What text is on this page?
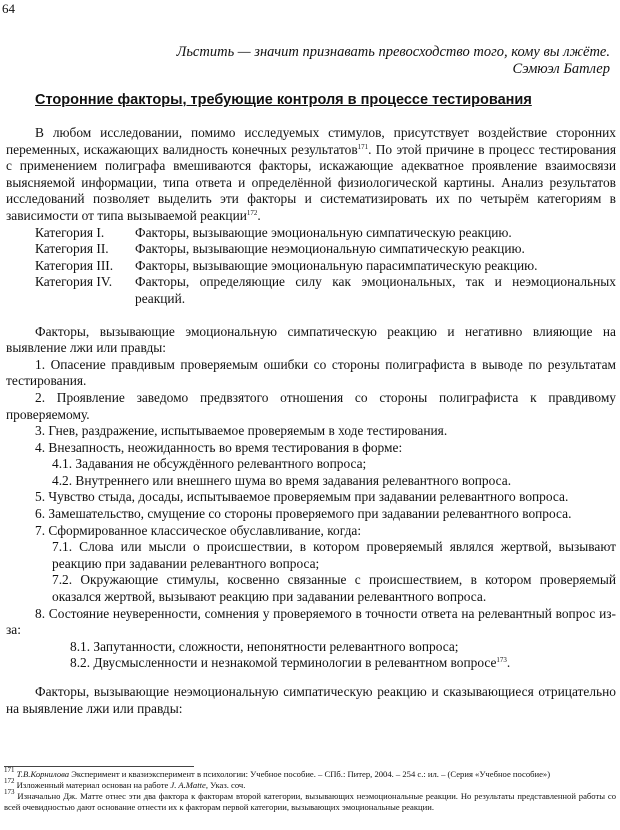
64
Льстить — значит признавать превосходство того, кому вы лжёте.
Сэмюэл Батлер
Сторонние факторы, требующие контроля в процессе тестирования

В любом исследовании, помимо исследуемых стимулов, присутствует воздействие сторонних переменных, искажающих валидность конечных результатов$^{171}$. По этой причине в процесс тестирования с применением полиграфа вмешиваются факторы, искажающие адекватное проявление взаимосвязи выясняемой информации, типа ответа и определённой физиологической картины. Анализ результатов исследований позволяет выделить эти факторы и систематизировать их по четырём категориям в зависимости от типа вызываемой реакции$^{172}$.

Категория I.	Факторы, вызывающие эмоциональную симпатическую реакцию.
Категория II.	Факторы, вызывающие неэмоциональную симпатическую реакцию.
Категория III.	Факторы, вызывающие эмоциональную парасимпатическую реакцию.
Категория IV.	Факторы, определяющие силу как эмоциональных, так и неэмоциональных реакций.

Факторы, вызывающие эмоциональную симпатическую реакцию и негативно влияющие на выявление лжи или правды:

1. Опасение правдивым проверяемым ошибки со стороны полиграфиста в выводе по результатам тестирования.

2. Проявление заведомо предвзятого отношения со стороны полиграфиста к правдивому проверяемому.

3. Гнев, раздражение, испытываемое проверяемым в ходе тестирования.

4. Внезапность, неожиданность во время тестирования в форме:

4.1. Задавания не обсуждённого релевантного вопроса;

4.2. Внутреннего или внешнего шума во время задавания релевантного вопроса.

5. Чувство стыда, досады, испытываемое проверяемым при задавании релевантного вопроса.

6. Замешательство, смущение со стороны проверяемого при задавании релевантного вопроса.

7. Сформированное классическое обуславливание, когда:

7.1. Слова или мысли о происшествии, в котором проверяемый являлся жертвой, вызывают реакцию при задавании релевантного вопроса;

7.2. Окружающие стимулы, косвенно связанные с происшествием, в котором проверяемый оказался жертвой, вызывают реакцию при задавании релевантного вопроса.

8. Состояние неуверенности, сомнения у проверяемого в точности ответа на релевантный вопрос из-за:

8.1. Запутанности, сложности, непонятности релевантного вопроса;

8.2. Двусмысленности и незнакомой терминологии в релевантном вопросе$^{173}$.

Факторы, вызывающие неэмоциональную симпатическую реакцию и сказывающиеся отрицательно на выявление лжи или правды:

$^{171}$ Т.В.Корнилова Эксперимент и квазиэксперимент в психологии: Учебное пособие. – СПб.: Питер, 2004. – 254 с.: ил. – (Серия «Учебное пособие»)

$^{172}$ Изложенный материал основан на работе J. A.Matte, Указ. соч.

$^{173}$ Изначально Дж. Матте отнес эти два фактора к факторам второй категории, вызывающих неэмоциональные реакции. Но результаты представленной работы со всей очевидностью дают основание отнести их к факторам первой категории, вызывающих эмоциональные реакции.
